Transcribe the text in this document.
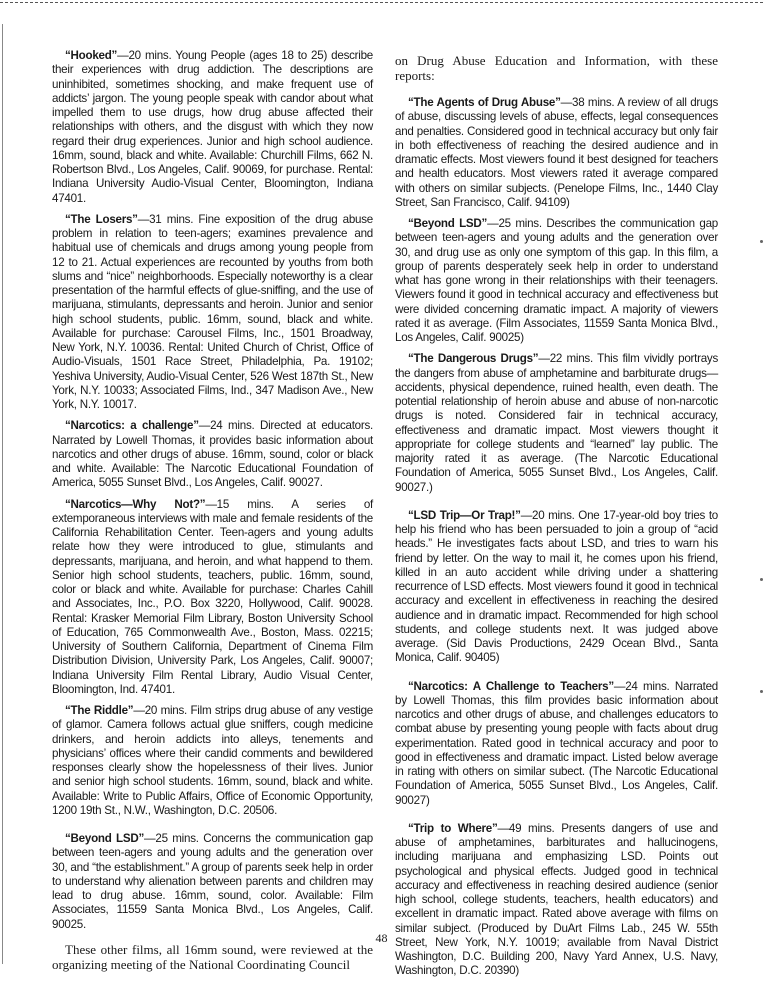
“Hooked”—20 mins. Young People (ages 18 to 25) describe their experiences with drug addiction. The descriptions are uninhibited, sometimes shocking, and make frequent use of addicts’ jargon. The young people speak with candor about what impelled them to use drugs, how drug abuse affected their relationships with others, and the disgust with which they now regard their drug experiences. Junior and high school audience. 16mm, sound, black and white. Available: Churchill Films, 662 N. Robertson Blvd., Los Angeles, Calif. 90069, for purchase. Rental: Indiana University Audio-Visual Center, Bloomington, Indiana 47401.

“The Losers”—31 mins. Fine exposition of the drug abuse problem in relation to teen-agers; examines prevalence and habitual use of chemicals and drugs among young people from 12 to 21. Actual experiences are recounted by youths from both slums and “nice” neighborhoods. Especially noteworthy is a clear presentation of the harmful effects of glue-sniffing, and the use of marijuana, stimulants, depressants and heroin. Junior and senior high school students, public. 16mm, sound, black and white. Available for purchase: Carousel Films, Inc., 1501 Broadway, New York, N.Y. 10036. Rental: United Church of Christ, Office of Audio-Visuals, 1501 Race Street, Philadelphia, Pa. 19102; Yeshiva University, Audio-Visual Center, 526 West 187th St., New York, N.Y. 10033; Associated Films, Ind., 347 Madison Ave., New York, N.Y. 10017.

“Narcotics: a challenge”—24 mins. Directed at educators. Narrated by Lowell Thomas, it provides basic information about narcotics and other drugs of abuse. 16mm, sound, color or black and white. Available: The Narcotic Educational Foundation of America, 5055 Sunset Blvd., Los Angeles, Calif. 90027.

“Narcotics—Why Not?”—15 mins. A series of extemporaneous interviews with male and female residents of the California Rehabilitation Center. Teen-agers and young adults relate how they were introduced to glue, stimulants and depressants, marijuana, and heroin, and what happend to them. Senior high school students, teachers, public. 16mm, sound, color or black and white. Available for purchase: Charles Cahill and Associates, Inc., P.O. Box 3220, Hollywood, Calif. 90028. Rental: Krasker Memorial Film Library, Boston University School of Education, 765 Commonwealth Ave., Boston, Mass. 02215; University of Southern California, Department of Cinema Film Distribution Division, University Park, Los Angeles, Calif. 90007; Indiana University Film Rental Library, Audio Visual Center, Bloomington, Ind. 47401.

“The Riddle”—20 mins. Film strips drug abuse of any vestige of glamor. Camera follows actual glue sniffers, cough medicine drinkers, and heroin addicts into alleys, tenements and physicians’ offices where their candid comments and bewildered responses clearly show the hopelessness of their lives. Junior and senior high school students. 16mm, sound, black and white. Available: Write to Public Affairs, Office of Economic Opportunity, 1200 19th St., N.W., Washington, D.C. 20506.

“Beyond LSD”—25 mins. Concerns the communication gap between teen-agers and young adults and the generation over 30, and “the establishment.” A group of parents seek help in order to understand why alienation between parents and children may lead to drug abuse. 16mm, sound, color. Available: Film Associates, 11559 Santa Monica Blvd., Los Angeles, Calif. 90025.

These other films, all 16mm sound, were reviewed at the organizing meeting of the National Coordinating Council

on Drug Abuse Education and Information, with these reports:

“The Agents of Drug Abuse”—38 mins. A review of all drugs of abuse, discussing levels of abuse, effects, legal consequences and penalties. Considered good in technical accuracy but only fair in both effectiveness of reaching the desired audience and in dramatic effects. Most viewers found it best designed for teachers and health educators. Most viewers rated it average compared with others on similar subjects. (Penelope Films, Inc., 1440 Clay Street, San Francisco, Calif. 94109)

“Beyond LSD”—25 mins. Describes the communication gap between teen-agers and young adults and the generation over 30, and drug use as only one symptom of this gap. In this film, a group of parents desperately seek help in order to understand what has gone wrong in their relationships with their teenagers. Viewers found it good in technical accuracy and effectiveness but were divided concerning dramatic impact. A majority of viewers rated it as average. (Film Associates, 11559 Santa Monica Blvd., Los Angeles, Calif. 90025)

“The Dangerous Drugs”—22 mins. This film vividly portrays the dangers from abuse of amphetamine and barbiturate drugs—accidents, physical dependence, ruined health, even death. The potential relationship of heroin abuse and abuse of non-narcotic drugs is noted. Considered fair in technical accuracy, effectiveness and dramatic impact. Most viewers thought it appropriate for college students and “learned” lay public. The majority rated it as average. (The Narcotic Educational Foundation of America, 5055 Sunset Blvd., Los Angeles, Calif. 90027.)

“LSD Trip—Or Trap!”—20 mins. One 17-year-old boy tries to help his friend who has been persuaded to join a group of “acid heads.” He investigates facts about LSD, and tries to warn his friend by letter. On the way to mail it, he comes upon his friend, killed in an auto accident while driving under a shattering recurrence of LSD effects. Most viewers found it good in technical accuracy and excellent in effectiveness in reaching the desired audience and in dramatic impact. Recommended for high school students, and college students next. It was judged above average. (Sid Davis Productions, 2429 Ocean Blvd., Santa Monica, Calif. 90405)

“Narcotics: A Challenge to Teachers”—24 mins. Narrated by Lowell Thomas, this film provides basic information about narcotics and other drugs of abuse, and challenges educators to combat abuse by presenting young people with facts about drug experimentation. Rated good in technical accuracy and poor to good in effectiveness and dramatic impact. Listed below average in rating with others on similar subect. (The Narcotic Educational Foundation of America, 5055 Sunset Blvd., Los Angeles, Calif. 90027)

“Trip to Where”—49 mins. Presents dangers of use and abuse of amphetamines, barbiturates and hallucinogens, including marijuana and emphasizing LSD. Points out psychological and physical effects. Judged good in technical accuracy and effectiveness in reaching desired audience (senior high school, college students, teachers, health educators) and excellent in dramatic impact. Rated above average with films on similar subject. (Produced by DuArt Films Lab., 245 W. 55th Street, New York, N.Y. 10019; available from Naval District Washington, D.C. Building 200, Navy Yard Annex, U.S. Navy, Washington, D.C. 20390)

48
